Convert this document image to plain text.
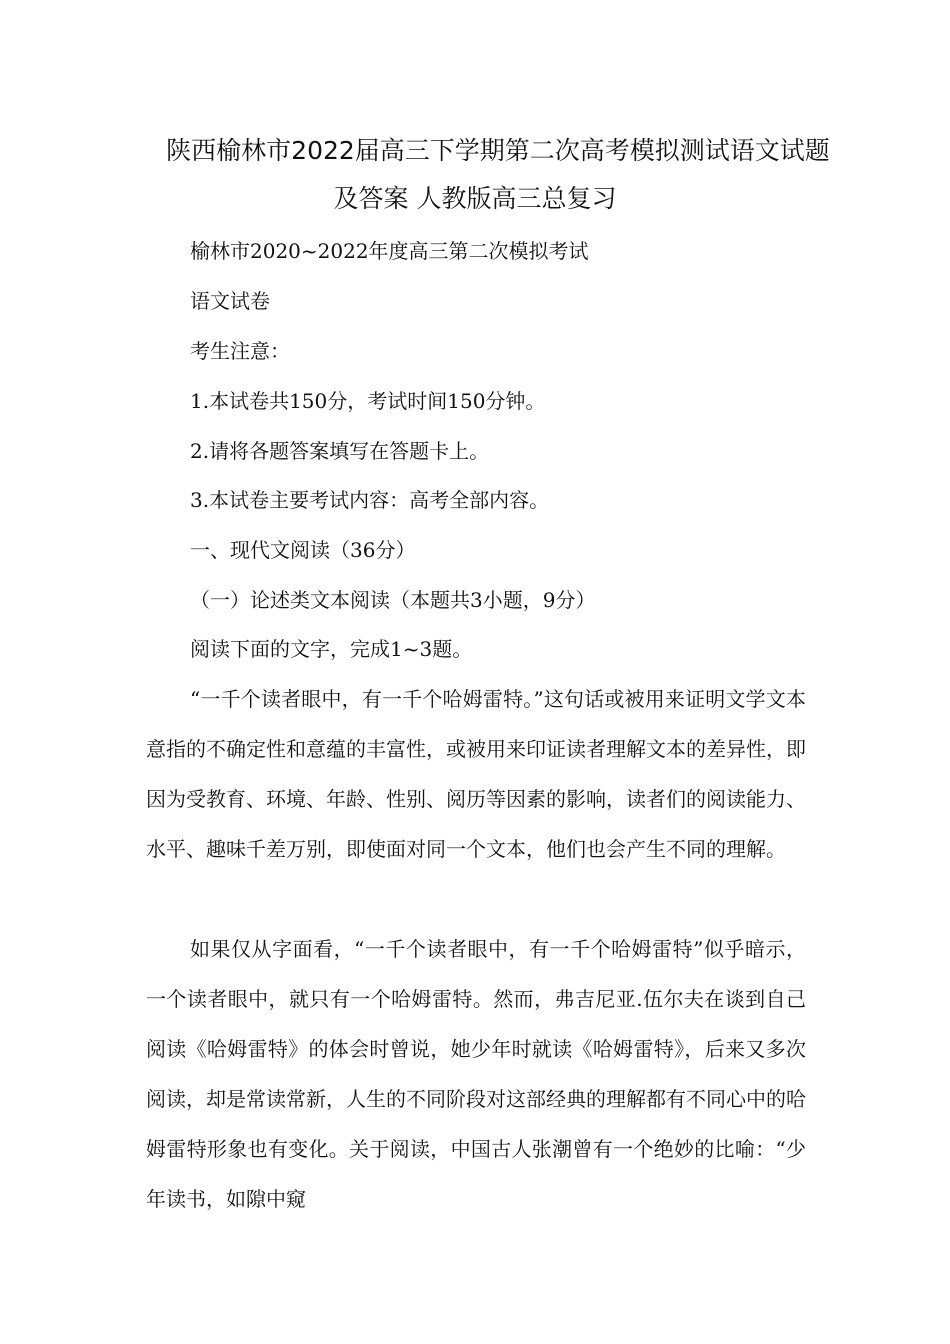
陕西榆林市2022届高三下学期第二次高考模拟测试语文试题
及答案 人教版高三总复习

榆林市2020~2022年度高三第二次模拟考试

语文试卷

考生注意：

1.本试卷共150分，考试时间150分钟。

2.请将各题答案填写在答题卡上。

3.本试卷主要考试内容：高考全部内容。

一、现代文阅读（36分）

（一）论述类文本阅读（本题共3小题，9分）

阅读下面的文字，完成1~3题。

“一千个读者眼中，有一千个哈姆雷特。”这句话或被用来证明文学文本意指的不确定性和意蕴的丰富性，或被用来印证读者理解文本的差异性，即因为受教育、环境、年龄、性别、阅历等因素的影响，读者们的阅读能力、水平、趣味千差万别，即使面对同一个文本，他们也会产生不同的理解。

如果仅从字面看，“一千个读者眼中，有一千个哈姆雷特”似乎暗示，一个读者眼中，就只有一个哈姆雷特。然而，弗吉尼亚.伍尔夫在谈到自己阅读《哈姆雷特》的体会时曾说，她少年时就读《哈姆雷特》，后来又多次阅读，却是常读常新，人生的不同阶段对这部经典的理解都有不同心中的哈姆雷特形象也有变化。关于阅读，中国古人张潮曾有一个绝妙的比喻：“少年读书，如隙中窥
